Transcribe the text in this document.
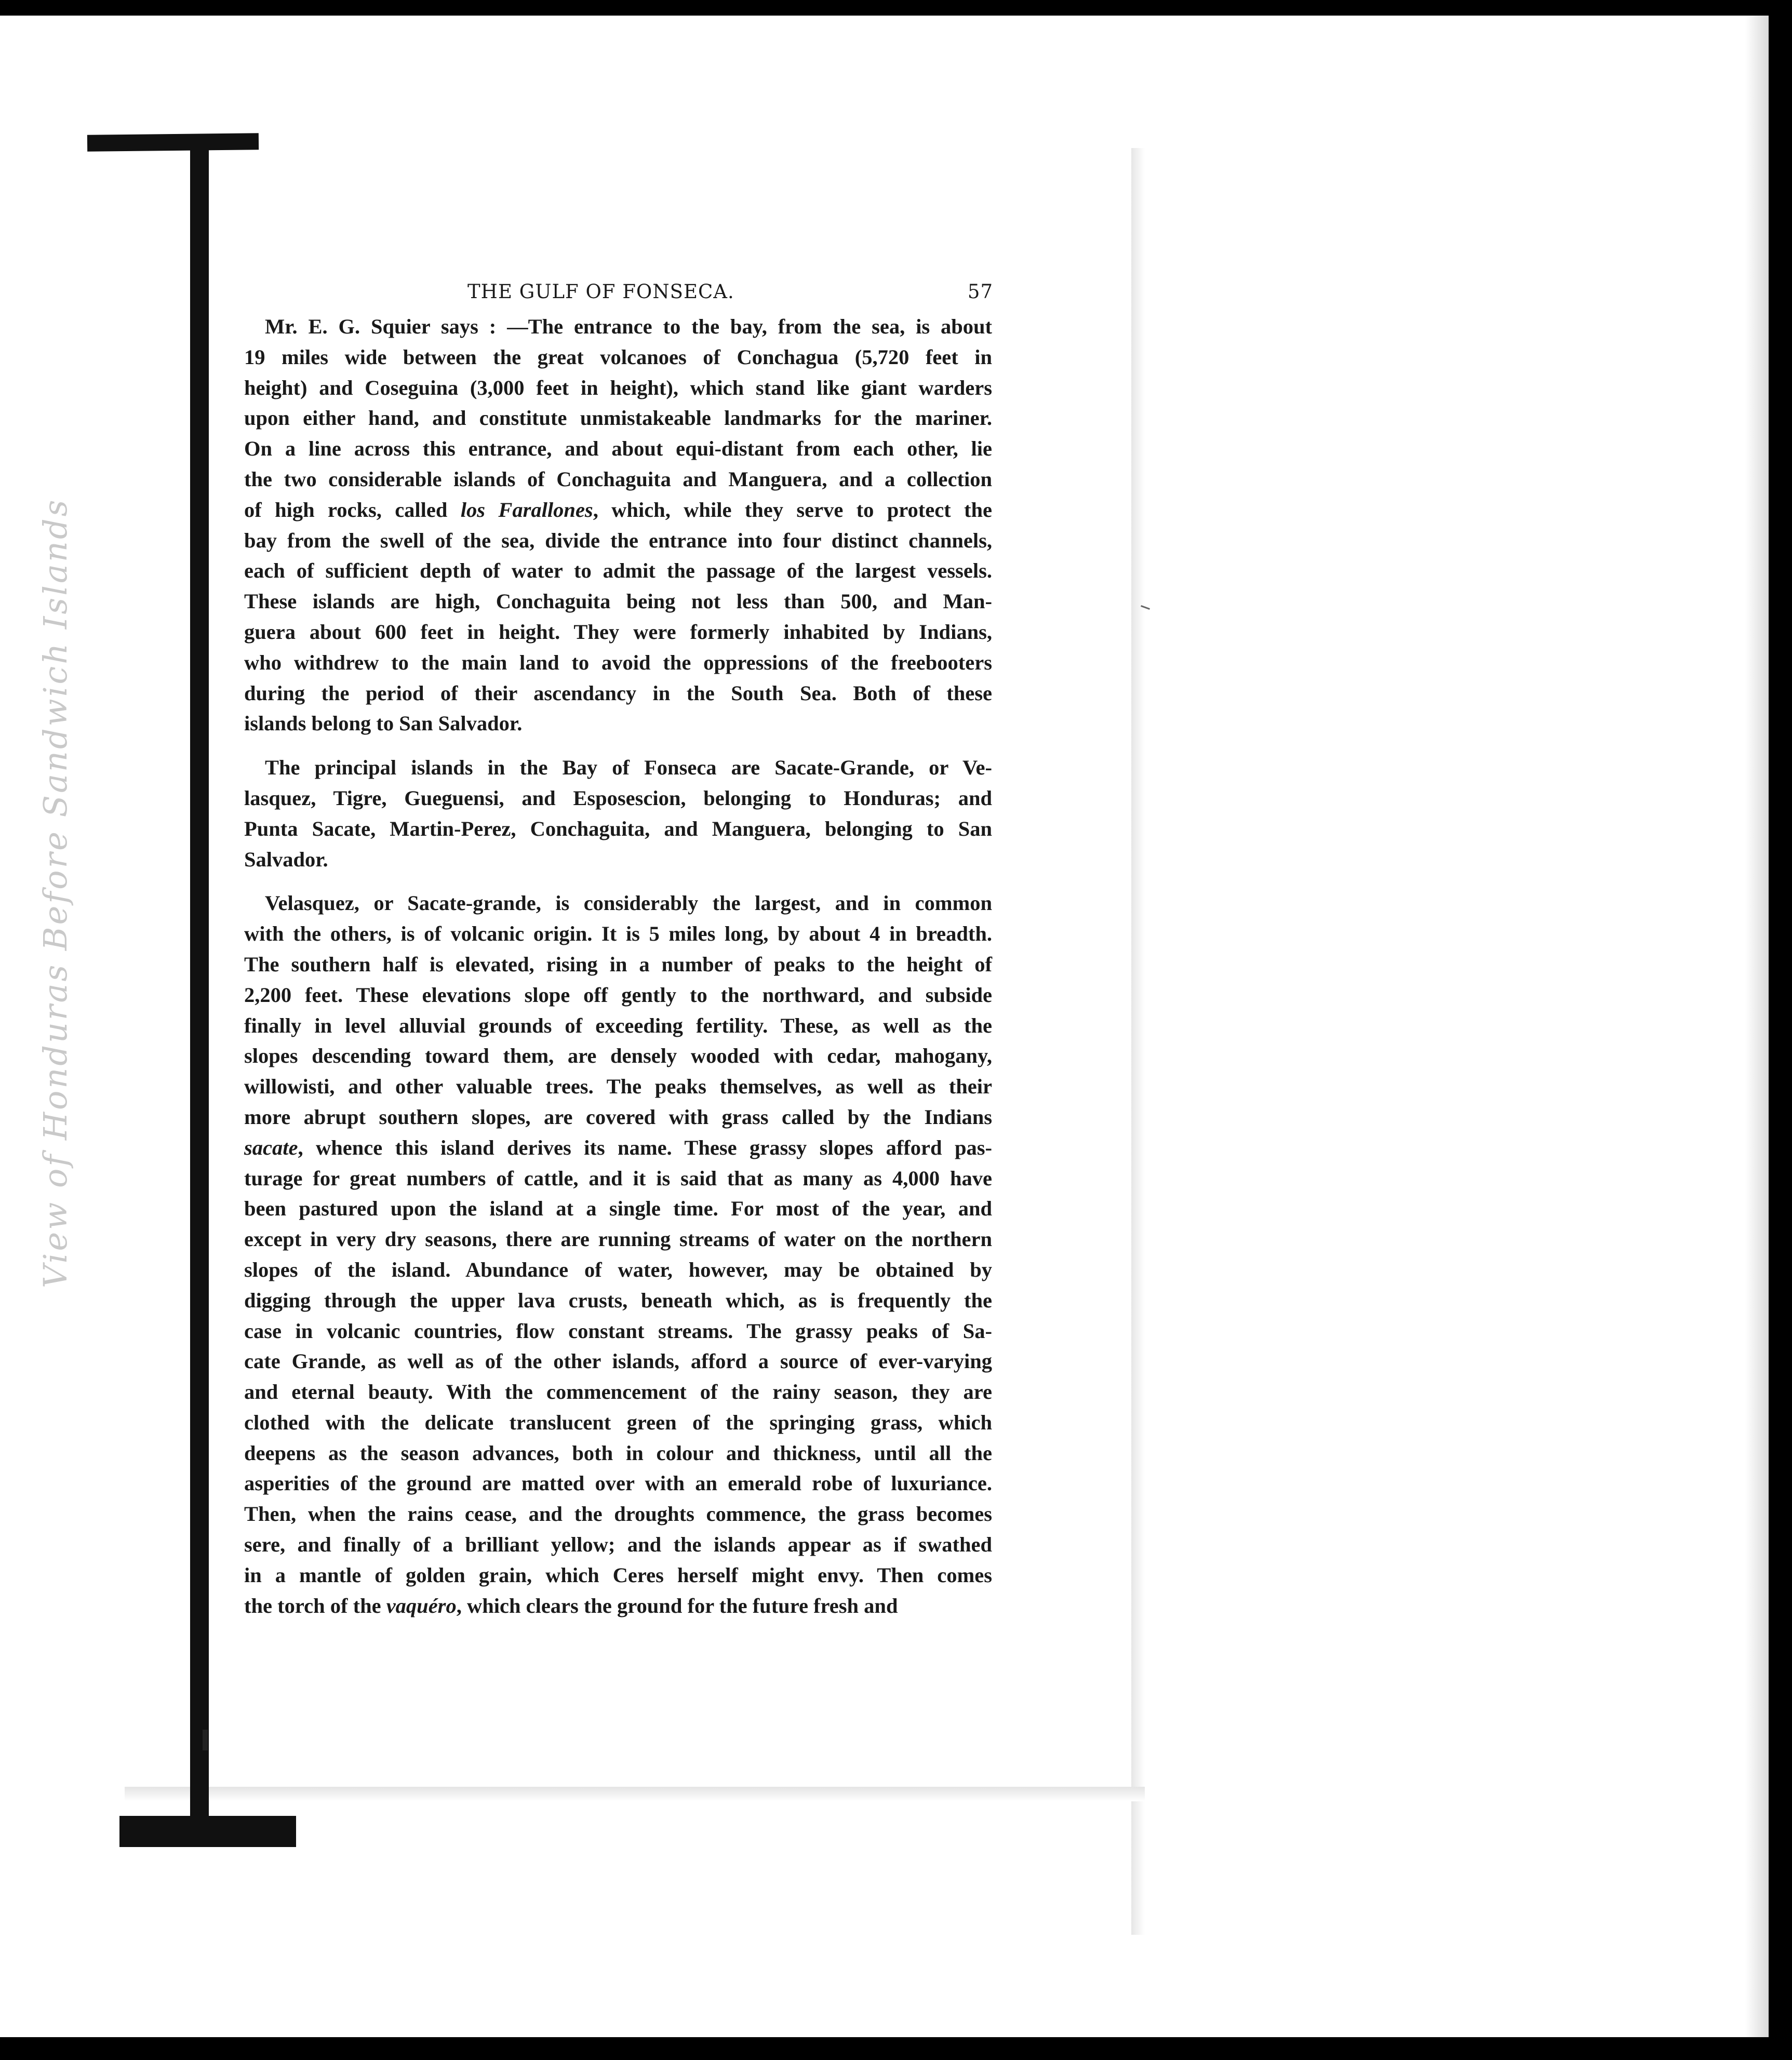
View of Honduras Before Sandwich Islands
THE GULF OF FONSECA.	57
Mr. E. G. Squier says : —The entrance to the bay, from the sea, is about
19 miles wide between the great volcanoes of Conchagua (5,720 feet in
height) and Coseguina (3,000 feet in height), which stand like giant warders
upon either hand, and constitute unmistakeable landmarks for the mariner.
On a line across this entrance, and about equi-distant from each other, lie
the two considerable islands of Conchaguita and Manguera, and a collection
of high rocks, called los Farallones, which, while they serve to protect the
bay from the swell of the sea, divide the entrance into four distinct channels,
each of sufficient depth of water to admit the passage of the largest vessels.
These islands are high, Conchaguita being not less than 500, and Man-
guera about 600 feet in height. They were formerly inhabited by Indians,
who withdrew to the main land to avoid the oppressions of the freebooters
during the period of their ascendancy in the South Sea. Both of these
islands belong to San Salvador.
The principal islands in the Bay of Fonseca are Sacate-Grande, or Ve-
lasquez, Tigre, Gueguensi, and Esposescion, belonging to Honduras; and
Punta Sacate, Martin-Perez, Conchaguita, and Manguera, belonging to San
Salvador.
Velasquez, or Sacate-grande, is considerably the largest, and in common
with the others, is of volcanic origin. It is 5 miles long, by about 4 in breadth.
The southern half is elevated, rising in a number of peaks to the height of
2,200 feet. These elevations slope off gently to the northward, and subside
finally in level alluvial grounds of exceeding fertility. These, as well as the
slopes descending toward them, are densely wooded with cedar, mahogany,
willowisti, and other valuable trees. The peaks themselves, as well as their
more abrupt southern slopes, are covered with grass called by the Indians
sacate, whence this island derives its name. These grassy slopes afford pas-
turage for great numbers of cattle, and it is said that as many as 4,000 have
been pastured upon the island at a single time. For most of the year, and
except in very dry seasons, there are running streams of water on the northern
slopes of the island. Abundance of water, however, may be obtained by
digging through the upper lava crusts, beneath which, as is frequently the
case in volcanic countries, flow constant streams. The grassy peaks of Sa-
cate Grande, as well as of the other islands, afford a source of ever-varying
and eternal beauty. With the commencement of the rainy season, they are
clothed with the delicate translucent green of the springing grass, which
deepens as the season advances, both in colour and thickness, until all the
asperities of the ground are matted over with an emerald robe of luxuriance.
Then, when the rains cease, and the droughts commence, the grass becomes
sere, and finally of a brilliant yellow; and the islands appear as if swathed
in a mantle of golden grain, which Ceres herself might envy. Then comes
the torch of the vaquéro, which clears the ground for the future fresh and
